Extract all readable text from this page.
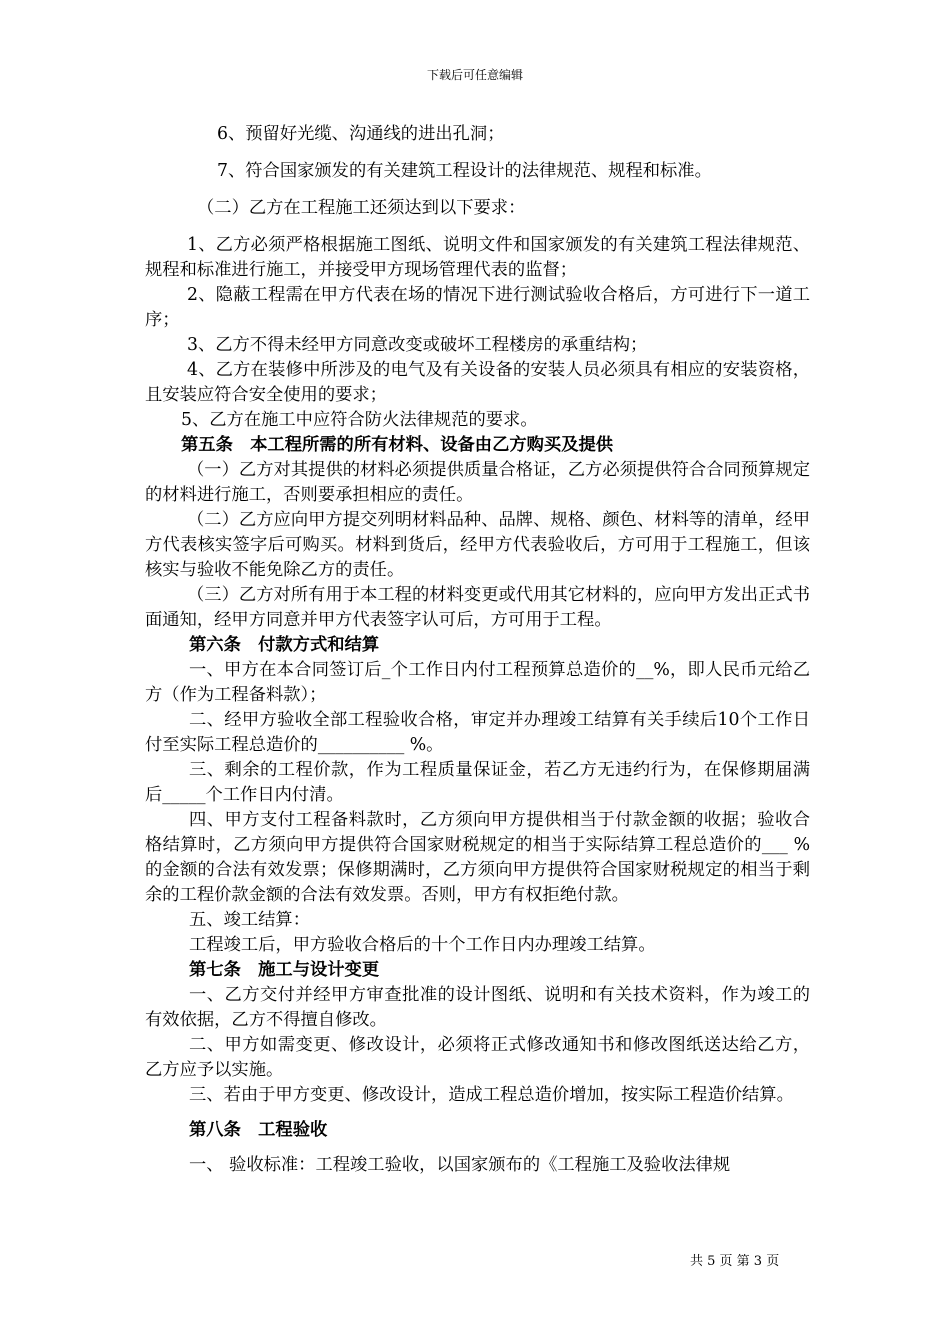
下载后可任意编辑

6、预留好光缆、沟通线的进出孔洞；

7、符合国家颁发的有关建筑工程设计的法律规范、规程和标准。

（二）乙方在工程施工还须达到以下要求：

1、乙方必须严格根据施工图纸、说明文件和国家颁发的有关建筑工程法律规范、规程和标准进行施工，并接受甲方现场管理代表的监督；

2、隐蔽工程需在甲方代表在场的情况下进行测试验收合格后，方可进行下一道工序；

3、乙方不得未经甲方同意改变或破坏工程楼房的承重结构；

4、乙方在装修中所涉及的电气及有关设备的安装人员必须具有相应的安装资格，且安装应符合安全使用的要求；

5、乙方在施工中应符合防火法律规范的要求。

第五条　本工程所需的所有材料、设备由乙方购买及提供

（一）乙方对其提供的材料必须提供质量合格证，乙方必须提供符合合同预算规定的材料进行施工，否则要承担相应的责任。

（二）乙方应向甲方提交列明材料品种、品牌、规格、颜色、材料等的清单，经甲方代表核实签字后可购买。材料到货后，经甲方代表验收后，方可用于工程施工，但该核实与验收不能免除乙方的责任。

（三）乙方对所有用于本工程的材料变更或代用其它材料的，应向甲方发出正式书面通知，经甲方同意并甲方代表签字认可后，方可用于工程。

第六条　付款方式和结算

一、甲方在本合同签订后_个工作日内付工程预算总造价的__%，即人民币元给乙方（作为工程备料款）；

二、经甲方验收全部工程验收合格，审定并办理竣工结算有关手续后10个工作日付至实际工程总造价的__________ %。

三、剩余的工程价款，作为工程质量保证金，若乙方无违约行为，在保修期届满后_____个工作日内付清。

四、甲方支付工程备料款时，乙方须向甲方提供相当于付款金额的收据；验收合格结算时，乙方须向甲方提供符合国家财税规定的相当于实际结算工程总造价的___ %的金额的合法有效发票；保修期满时，乙方须向甲方提供符合国家财税规定的相当于剩余的工程价款金额的合法有效发票。否则，甲方有权拒绝付款。

五、竣工结算：

工程竣工后，甲方验收合格后的十个工作日内办理竣工结算。

第七条　施工与设计变更

一、乙方交付并经甲方审查批准的设计图纸、说明和有关技术资料，作为竣工的有效依据，乙方不得擅自修改。

二、甲方如需变更、修改设计，必须将正式修改通知书和修改图纸送达给乙方，乙方应予以实施。

三、若由于甲方变更、修改设计，造成工程总造价增加，按实际工程造价结算。

第八条　工程验收

一、 验收标准：工程竣工验收，以国家颁布的《工程施工及验收法律规

共 5 页 第 3 页
